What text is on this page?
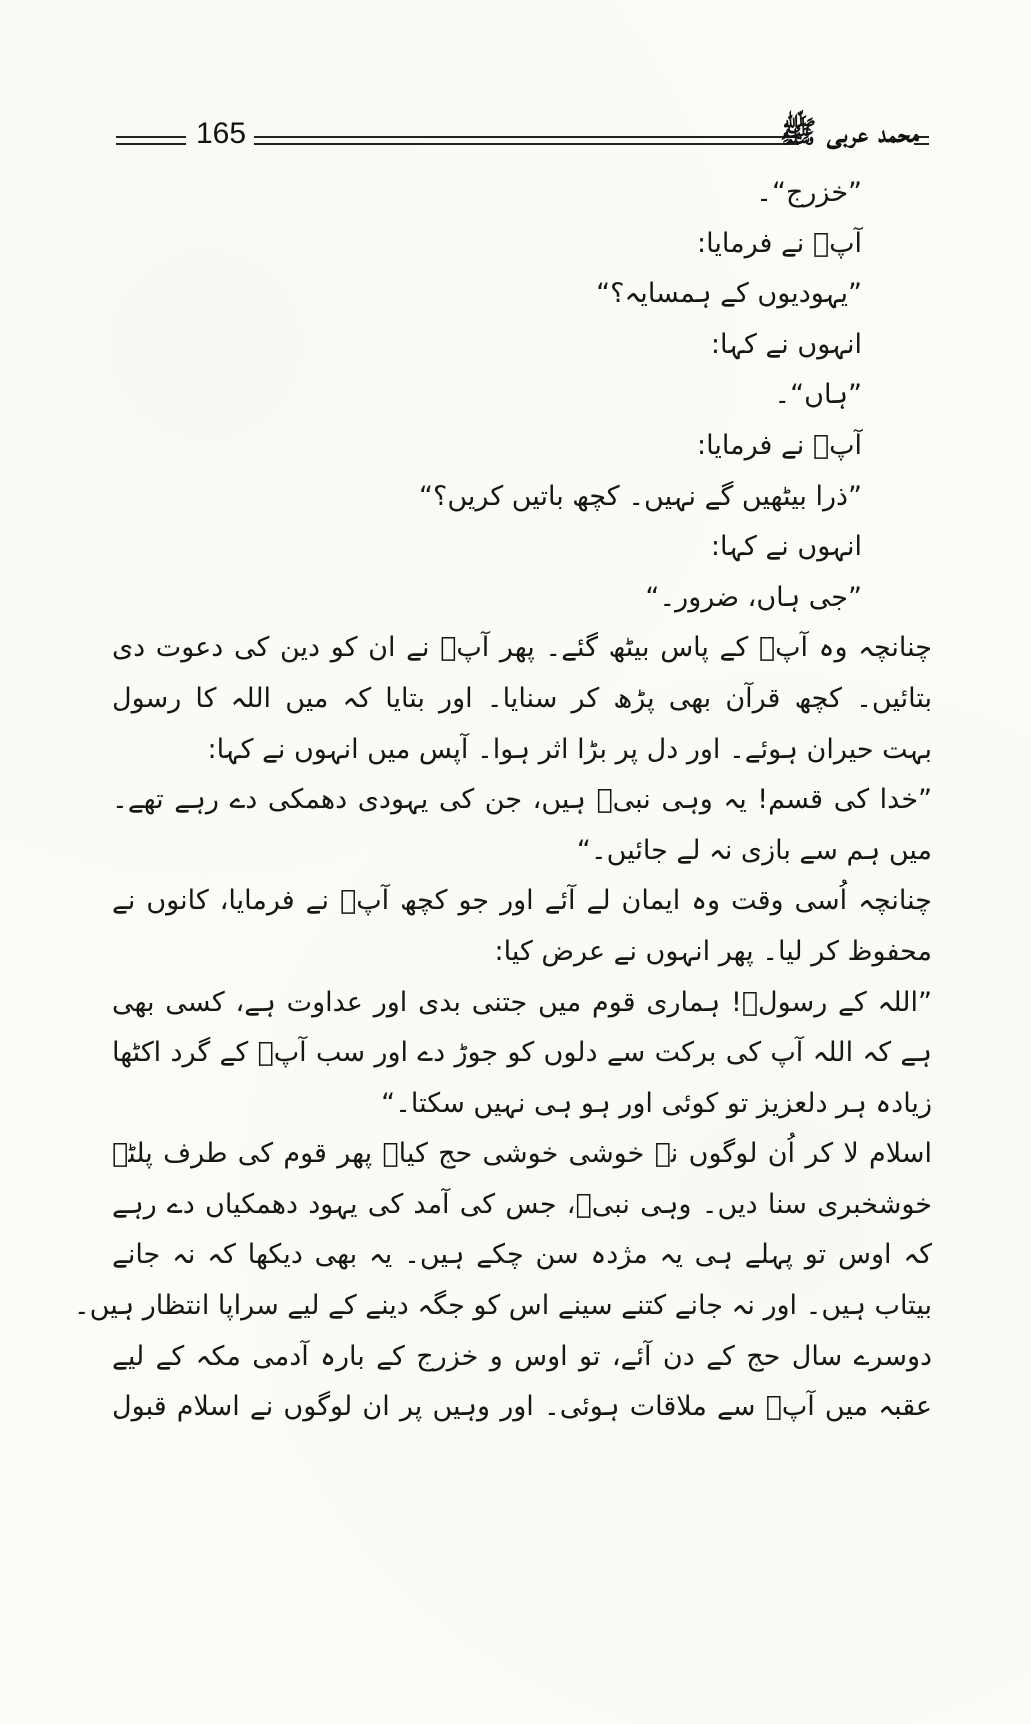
165	محمد عربی ﷺ
”خزرج“۔
آپؐ نے فرمایا:
”یہودیوں کے ہمسایہ؟“
انہوں نے کہا:
”ہاں“۔
آپؐ نے فرمایا:
”ذرا بیٹھیں گے نہیں۔ کچھ باتیں کریں؟“
انہوں نے کہا:
”جی ہاں، ضرور۔“
چنانچہ وہ آپؐ کے پاس بیٹھ گئے۔ پھر آپؐ نے ان کو دین کی دعوت دی
بتائیں۔ کچھ قرآن بھی پڑھ کر سنایا۔ اور بتایا کہ میں اللہ کا رسول
بہت حیران ہوئے۔ اور دل پر بڑا اثر ہوا۔ آپس میں انہوں نے کہا:
”خدا کی قسم! یہ وہی نبیؐ ہیں، جن کی یہودی دھمکی دے رہے تھے۔
میں ہم سے بازی نہ لے جائیں۔“
چنانچہ اُسی وقت وہ ایمان لے آئے اور جو کچھ آپؐ نے فرمایا، کانوں نے
محفوظ کر لیا۔ پھر انہوں نے عرض کیا:
”اللہ کے رسولؐ! ہماری قوم میں جتنی بدی اور عداوت ہے، کسی بھی
ہے کہ اللہ آپ کی برکت سے دلوں کو جوڑ دے اور سب آپؐ کے گرد اکٹھا
زیادہ ہر دلعزیز تو کوئی اور ہو ہی نہیں سکتا۔“
اسلام لا کر اُن لوگوں نے خوشی خوشی حج کیا۔ پھر قوم کی طرف پلٹے
خوشخبری سنا دیں۔ وہی نبیؐ، جس کی آمد کی یہود دھمکیاں دے رہے
کہ اوس تو پہلے ہی یہ مژدہ سن چکے ہیں۔ یہ بھی دیکھا کہ نہ جانے
بیتاب ہیں۔ اور نہ جانے کتنے سینے اس کو جگہ دینے کے لیے سراپا انتظار ہیں۔
دوسرے سال حج کے دن آئے، تو اوس و خزرج کے بارہ آدمی مکہ کے لیے
عقبہ میں آپؐ سے ملاقات ہوئی۔ اور وہیں پر ان لوگوں نے اسلام قبول
